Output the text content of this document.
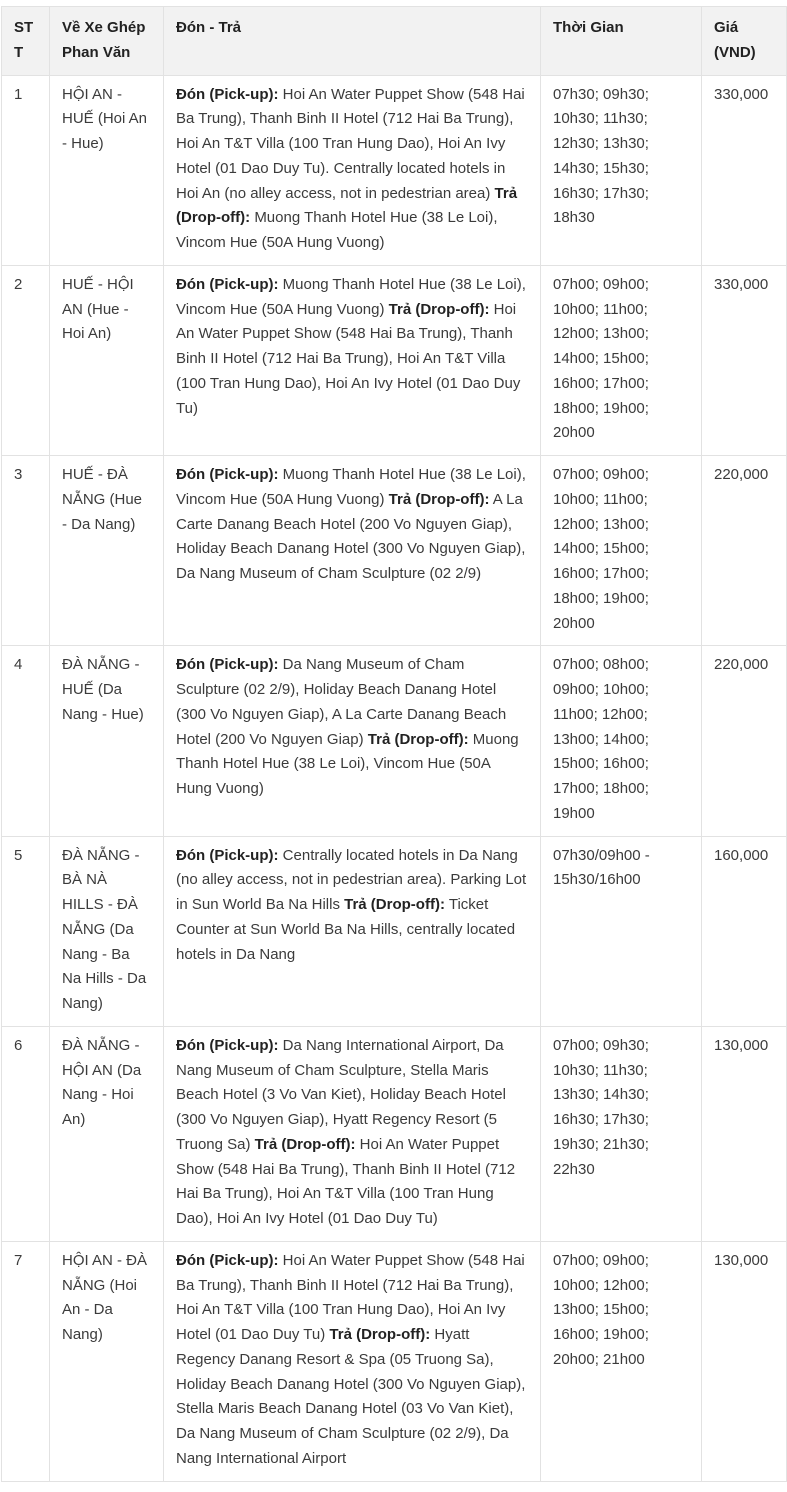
STT	Về Xe Ghép Phan Văn	Đón - Trả	Thời Gian	Giá (VND)
1	HỘI AN - HUẾ (Hoi An - Hue)	Đón (Pick-up): Hoi An Water Puppet Show (548 Hai Ba Trung), Thanh Binh II Hotel (712 Hai Ba Trung), Hoi An T&T Villa (100 Tran Hung Dao), Hoi An Ivy Hotel (01 Dao Duy Tu). Centrally located hotels in Hoi An (no alley access, not in pedestrian area) Trả (Drop-off): Muong Thanh Hotel Hue (38 Le Loi), Vincom Hue (50A Hung Vuong)	07h30; 09h30; 10h30; 11h30; 12h30; 13h30; 14h30; 15h30; 16h30; 17h30; 18h30	330,000
2	HUẾ - HỘI AN (Hue - Hoi An)	Đón (Pick-up): Muong Thanh Hotel Hue (38 Le Loi), Vincom Hue (50A Hung Vuong) Trả (Drop-off): Hoi An Water Puppet Show (548 Hai Ba Trung), Thanh Binh II Hotel (712 Hai Ba Trung), Hoi An T&T Villa (100 Tran Hung Dao), Hoi An Ivy Hotel (01 Dao Duy Tu)	07h00; 09h00; 10h00; 11h00; 12h00; 13h00; 14h00; 15h00; 16h00; 17h00; 18h00; 19h00; 20h00	330,000
3	HUẾ - ĐÀ NẴNG (Hue - Da Nang)	Đón (Pick-up): Muong Thanh Hotel Hue (38 Le Loi), Vincom Hue (50A Hung Vuong) Trả (Drop-off): A La Carte Danang Beach Hotel (200 Vo Nguyen Giap), Holiday Beach Danang Hotel (300 Vo Nguyen Giap), Da Nang Museum of Cham Sculpture (02 2/9)	07h00; 09h00; 10h00; 11h00; 12h00; 13h00; 14h00; 15h00; 16h00; 17h00; 18h00; 19h00; 20h00	220,000
4	ĐÀ NẴNG - HUẾ (Da Nang - Hue)	Đón (Pick-up): Da Nang Museum of Cham Sculpture (02 2/9), Holiday Beach Danang Hotel (300 Vo Nguyen Giap), A La Carte Danang Beach Hotel (200 Vo Nguyen Giap) Trả (Drop-off): Muong Thanh Hotel Hue (38 Le Loi), Vincom Hue (50A Hung Vuong)	07h00; 08h00; 09h00; 10h00; 11h00; 12h00; 13h00; 14h00; 15h00; 16h00; 17h00; 18h00; 19h00	220,000
5	ĐÀ NẴNG - BÀ NÀ HILLS - ĐÀ NẴNG (Da Nang - Ba Na Hills - Da Nang)	Đón (Pick-up): Centrally located hotels in Da Nang (no alley access, not in pedestrian area). Parking Lot in Sun World Ba Na Hills Trả (Drop-off): Ticket Counter at Sun World Ba Na Hills, centrally located hotels in Da Nang	07h30/09h00 - 15h30/16h00	160,000
6	ĐÀ NẴNG - HỘI AN (Da Nang - Hoi An)	Đón (Pick-up): Da Nang International Airport, Da Nang Museum of Cham Sculpture, Stella Maris Beach Hotel (3 Vo Van Kiet), Holiday Beach Hotel (300 Vo Nguyen Giap), Hyatt Regency Resort (5 Truong Sa) Trả (Drop-off): Hoi An Water Puppet Show (548 Hai Ba Trung), Thanh Binh II Hotel (712 Hai Ba Trung), Hoi An T&T Villa (100 Tran Hung Dao), Hoi An Ivy Hotel (01 Dao Duy Tu)	07h00; 09h30; 10h30; 11h30; 13h30; 14h30; 16h30; 17h30; 19h30; 21h30; 22h30	130,000
7	HỘI AN - ĐÀ NẴNG (Hoi An - Da Nang)	Đón (Pick-up): Hoi An Water Puppet Show (548 Hai Ba Trung), Thanh Binh II Hotel (712 Hai Ba Trung), Hoi An T&T Villa (100 Tran Hung Dao), Hoi An Ivy Hotel (01 Dao Duy Tu) Trả (Drop-off): Hyatt Regency Danang Resort & Spa (05 Truong Sa), Holiday Beach Danang Hotel (300 Vo Nguyen Giap), Stella Maris Beach Danang Hotel (03 Vo Van Kiet), Da Nang Museum of Cham Sculpture (02 2/9), Da Nang International Airport	07h00; 09h00; 10h00; 12h00; 13h00; 15h00; 16h00; 19h00; 20h00; 21h00	130,000
